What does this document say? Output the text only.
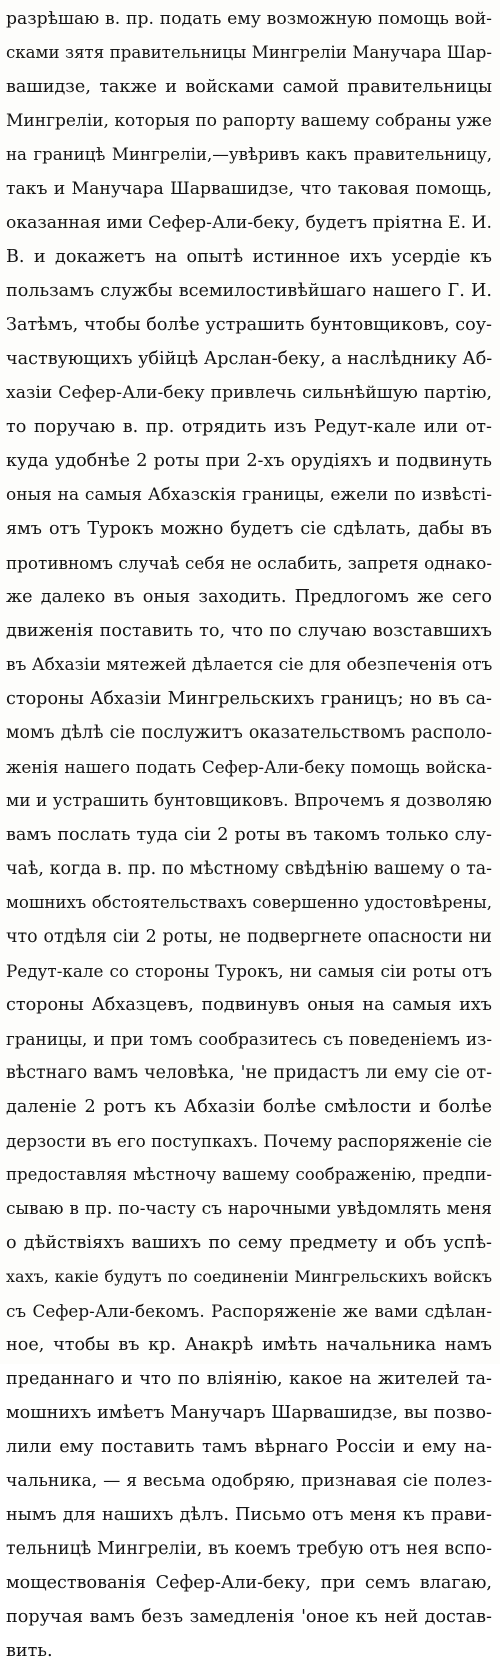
разрѣшаю в. пр. подать ему возможную помощь вой-
сками зятя правительницы Мингреліи Манучара Шар-
вашидзе, также и войсками самой правительницы
Мингреліи, которыя по рапорту вашему собраны уже
на границѣ Мингреліи,—увѣривъ какъ правительницу,
такъ и Манучара Шарвашидзе, что таковая помощь,
оказанная ими Сефер-Али-беку, будетъ пріятна Е. И.
В. и докажетъ на опытѣ истинное ихъ усердіе къ
пользамъ службы всемилостивѣйшаго нашего Г. И.
Затѣмъ, чтобы болѣе устрашить бунтовщиковъ, соу-
частвующихъ убійцѣ Арслан-беку, а наслѣднику Аб-
хазіи Сефер-Али-беку привлечь сильнѣйшую партію,
то поручаю в. пр. отрядить изъ Редут-кале или от-
куда удобнѣе 2 роты при 2-хъ орудіяхъ и подвинуть
оныя на самыя Абхазскія границы, ежели по извѣсті-
ямъ отъ Турокъ можно будетъ сіе сдѣлать, дабы въ
противномъ случаѣ себя не ослабить, запретя однако-
же далеко въ оныя заходить. Предлогомъ же сего
движенія поставить то, что по случаю возставшихъ
въ Абхазіи мятежей дѣлается сіе для обезпеченія отъ
стороны Абхазіи Мингрельскихъ границъ; но въ са-
момъ дѣлѣ сіе послужитъ оказательствомъ располо-
женія нашего подать Сефер-Али-беку помощь войска-
ми и устрашить бунтовщиковъ. Впрочемъ я дозволяю
вамъ послать туда сіи 2 роты въ такомъ только слу-
чаѣ, когда в. пр. по мѣстному свѣдѣнію вашему о та-
мошнихъ обстоятельствахъ совершенно удостовѣрены,
что отдѣля сіи 2 роты, не подвергнете опасности ни
Редут-кале со стороны Турокъ, ни самыя сіи роты отъ
стороны Абхазцевъ, подвинувъ оныя на самыя ихъ
границы, и при томъ сообразитесь съ поведеніемъ из-
вѣстнаго вамъ человѣка, 'не придастъ ли ему сіе от-
даленіе 2 ротъ къ Абхазіи болѣе смѣлости и болѣе
дерзости въ его поступкахъ. Почему распоряженіе сіе
предоставляя мѣстночу вашему соображенію, предпи-
сываю в пр. по-часту съ нарочными увѣдомлять меня
о дѣйствіяхъ вашихъ по сему предмету и объ успѣ-
хахъ, какіе будутъ по соединеніи Мингрельскихъ войскъ
съ Сефер-Али-бекомъ. Распоряженіе же вами сдѣлан-
ное, чтобы въ кр. Анакрѣ имѣть начальника намъ
преданнаго и что по вліянію, какое на жителей та-
мошнихъ имѣетъ Манучаръ Шарвашидзе, вы позво-
лили ему поставить тамъ вѣрнаго Россіи и ему на-
чальника, — я весьма одобряю, признавая сіе полез-
нымъ для нашихъ дѣлъ. Письмо отъ меня къ прави-
тельницѣ Мингреліи, въ коемъ требую отъ нея вспо-
моществованія Сефер-Али-беку, при семъ влагаю,
поручая вамъ безъ замедленія 'оное къ ней достав-
вить.
